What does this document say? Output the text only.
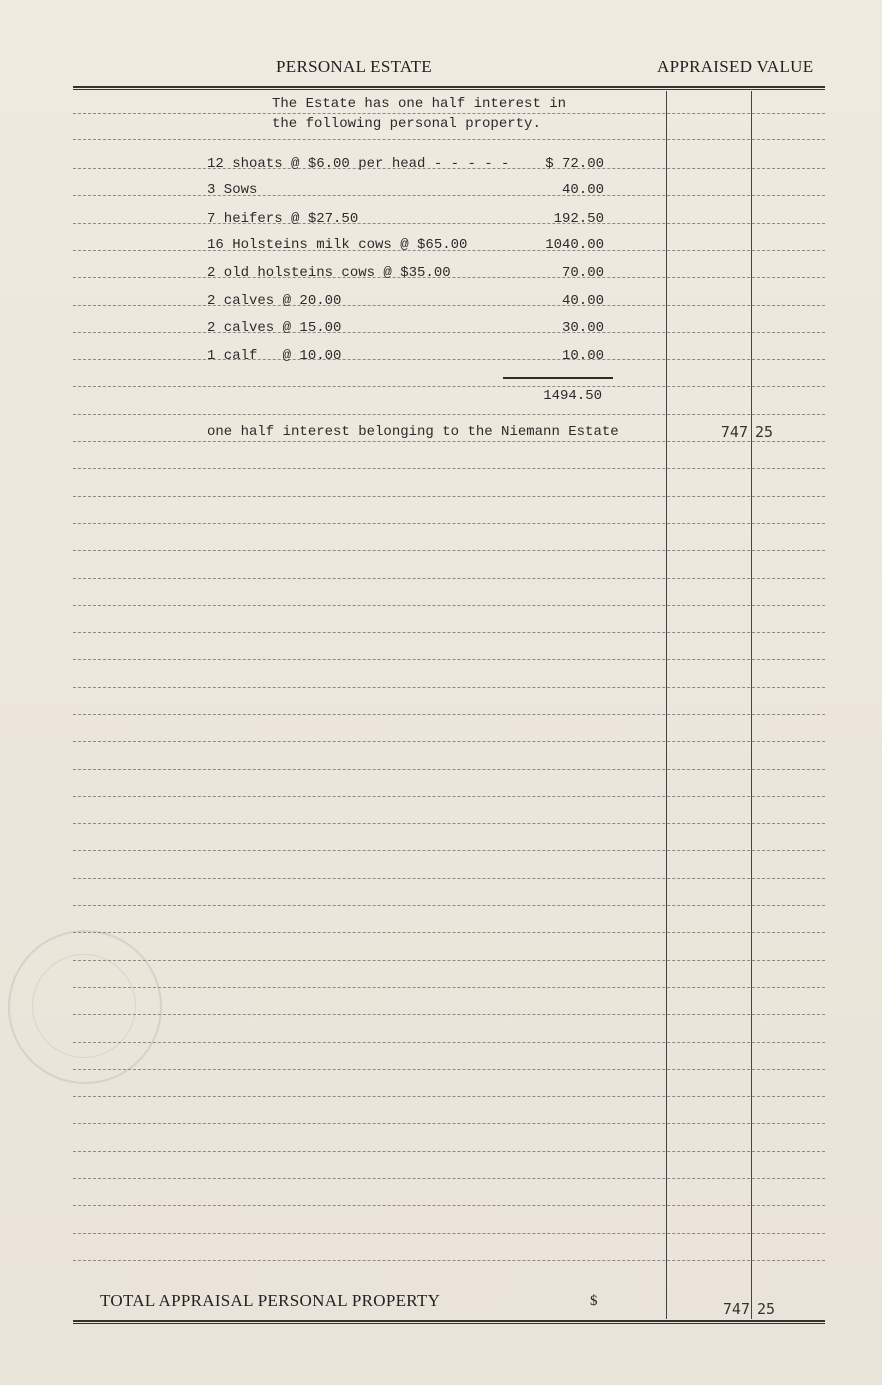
PERSONAL ESTATE	APPRAISED VALUE
The Estate has one half interest in
the following personal property.
12 shoats @ $6.00 per head - - - - -	$ 72.00
3 Sows	40.00
7 heifers @ $27.50	192.50
16 Holsteins milk cows @ $65.00	1040.00
2 old holsteins cows @ $35.00	70.00
2 calves @ 20.00	40.00
2 calves @ 15.00	30.00
1 calf   @ 10.00	10.00
1494.50
one half interest belonging to the Niemann Estate	747 25
TOTAL APPRAISAL PERSONAL PROPERTY	$	747 25
